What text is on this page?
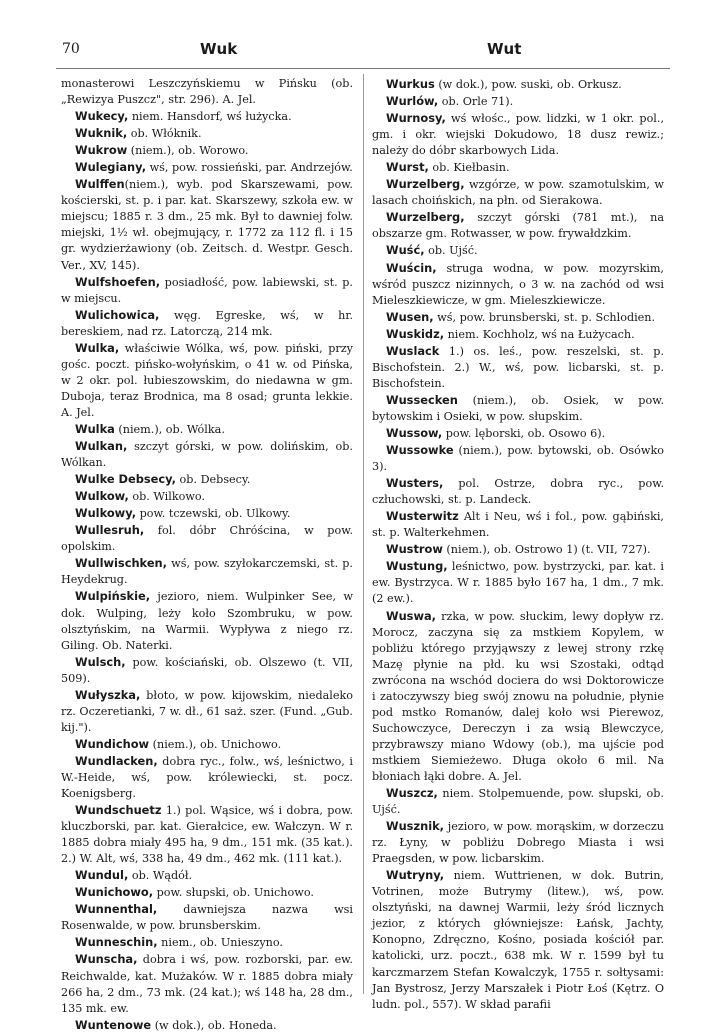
70	Wuk	Wut

monasterowi Leszczyńskiemu w Pińsku (ob. „Rewizya Puszcz", str. 296). A. Jel.

Wukecy, niem. Hansdorf, wś łużycka.

Wuknik, ob. Włóknik.

Wukrow (niem.), ob. Worowo.

Wulegiany, wś, pow. rossieński, par. Andrzejów.

Wulffen(niem.), wyb. pod Skarszewami, pow. kościerski, st. p. i par. kat. Skarszewy, szkoła ew. w miejscu; 1885 r. 3 dm., 25 mk. Był to dawniej folw. miejski, 1½ wł. obejmujący, r. 1772 za 112 fl. i 15 gr. wydzierżawiony (ob. Zeitsch. d. Westpr. Gesch. Ver., XV, 145).

Wulfshoefen, posiadłość, pow. labiewski, st. p. w miejscu.

Wulichowica, węg. Egreske, wś, w hr. bereskiem, nad rz. Latorczą, 214 mk.

Wulka, właściwie Wólka, wś, pow. piński, przy gośc. poczt. pińsko-wołyńskim, o 41 w. od Pińska, w 2 okr. pol. łubieszowskim, do niedawna w gm. Duboja, teraz Brodnica, ma 8 osad; grunta lekkie. A. Jel.

Wulka (niem.), ob. Wólka.

Wulkan, szczyt górski, w pow. dolińskim, ob. Wólkan.

Wulke Debsecy, ob. Debsecy.

Wulkow, ob. Wilkowo.

Wulkowy, pow. tczewski, ob. Ulkowy.

Wullesruh, fol. dóbr Chróścina, w pow. opolskim.

Wullwischken, wś, pow. szyłokarczemski, st. p. Heydekrug.

Wulpińskie, jezioro, niem. Wulpinker See, w dok. Wulping, leży koło Szombruku, w pow. olsztyńskim, na Warmii. Wypływa z niego rz. Giling. Ob. Naterki.

Wulsch, pow. kościański, ob. Olszewo (t. VII, 509).

Wułyszka, błoto, w pow. kijowskim, niedaleko rz. Oczeretianki, 7 w. dł., 61 saż. szer. (Fund. „Gub. kij.").

Wundichow (niem.), ob. Unichowo.

Wundlacken, dobra ryc., folw., wś, leśnictwo, i W.-Heide, wś, pow. królewiecki, st. pocz. Koenigsberg.

Wundschuetz 1.) pol. Wąsice, wś i dobra, pow. kluczborski, par. kat. Gierałcice, ew. Wałczyn. W r. 1885 dobra miały 495 ha, 9 dm., 151 mk. (35 kat.). 2.) W. Alt, wś, 338 ha, 49 dm., 462 mk. (111 kat.).

Wundul, ob. Wądół.

Wunichowo, pow. słupski, ob. Unichowo.

Wunnenthal, dawniejsza nazwa wsi Rosenwalde, w pow. brunsberskim.

Wunneschin, niem., ob. Unieszyno.

Wunscha, dobra i wś, pow. rozborski, par. ew. Reichwalde, kat. Mużaków. W r. 1885 dobra miały 266 ha, 2 dm., 73 mk. (24 kat.); wś 148 ha, 28 dm., 135 mk. ew.

Wuntenowe (w dok.), ob. Honeda.

Wurkus (w dok.), pow. suski, ob. Orkusz.

Wurlów, ob. Orle 71).

Wurnosy, wś włośc., pow. lidzki, w 1 okr. pol., gm. i okr. wiejski Dokudowo, 18 dusz rewiz.; należy do dóbr skarbowych Lida.

Wurst, ob. Kiełbasin.

Wurzelberg, wzgórze, w pow. szamotulskim, w lasach choińskich, na płn. od Sierakowa.

Wurzelberg, szczyt górski (781 mt.), na obszarze gm. Rotwasser, w pow. frywałdzkim.

Wuść, ob. Ujść.

Wuścin, struga wodna, w pow. mozyrskim, wśród puszcz nizinnych, o 3 w. na zachód od wsi Mieleszkiewicze, w gm. Mieleszkiewicze.

Wusen, wś, pow. brunsberski, st. p. Schlodien.

Wuskidz, niem. Kochholz, wś na Łużycach.

Wuslack 1.) os. leś., pow. reszelski, st. p. Bischofstein. 2.) W., wś, pow. licbarski, st. p. Bischofstein.

Wussecken (niem.), ob. Osiek, w pow. bytowskim i Osieki, w pow. słupskim.

Wussow, pow. lęborski, ob. Osowo 6).

Wussowke (niem.), pow. bytowski, ob. Osówko 3).

Wusters, pol. Ostrze, dobra ryc., pow. człuchowski, st. p. Landeck.

Wusterwitz Alt i Neu, wś i fol., pow. gąbiński, st. p. Walterkehmen.

Wustrow (niem.), ob. Ostrowo 1) (t. VII, 727).

Wustung, leśnictwo, pow. bystrzycki, par. kat. i ew. Bystrzyca. W r. 1885 było 167 ha, 1 dm., 7 mk. (2 ew.).

Wuswa, rzka, w pow. słuckim, lewy dopływ rz. Morocz, zaczyna się za mstkiem Kopylem, w pobliżu którego przyjąwszy z lewej strony rzkę Mazę płynie na płd. ku wsi Szostaki, odtąd zwrócona na wschód dociera do wsi Doktorowicze i zatoczywszy bieg swój znowu na południe, płynie pod mstko Romanów, dalej koło wsi Pierewoz, Suchowczyce, Dereczyn i za wsią Blewczyce, przybrawszy miano Wdowy (ob.), ma ujście pod mstkiem Siemieżewo. Długa około 6 mil. Na błoniach łąki dobre. A. Jel.

Wuszcz, niem. Stolpemuende, pow. słupski, ob. Ujść.

Wusznik, jezioro, w pow. morąskim, w dorzeczu rz. Łyny, w pobliżu Dobrego Miasta i wsi Praegsden, w pow. licbarskim.

Wutryny, niem. Wuttrienen, w dok. Butrin, Votrinen, może Butrymy (litew.), wś, pow. olsztyński, na dawnej Warmii, leży śród licznych jezior, z których główniejsze: Łańsk, Jachty, Konopno, Zdręczno, Kośno, posiada kościół par. katolicki, urz. poczt., 638 mk. W r. 1599 był tu karczmarzem Stefan Kowalczyk, 1755 r. sołtysami: Jan Bystrosz, Jerzy Marszałek i Piotr Łoś (Kętrz. O ludn. pol., 557). W skład parafii
